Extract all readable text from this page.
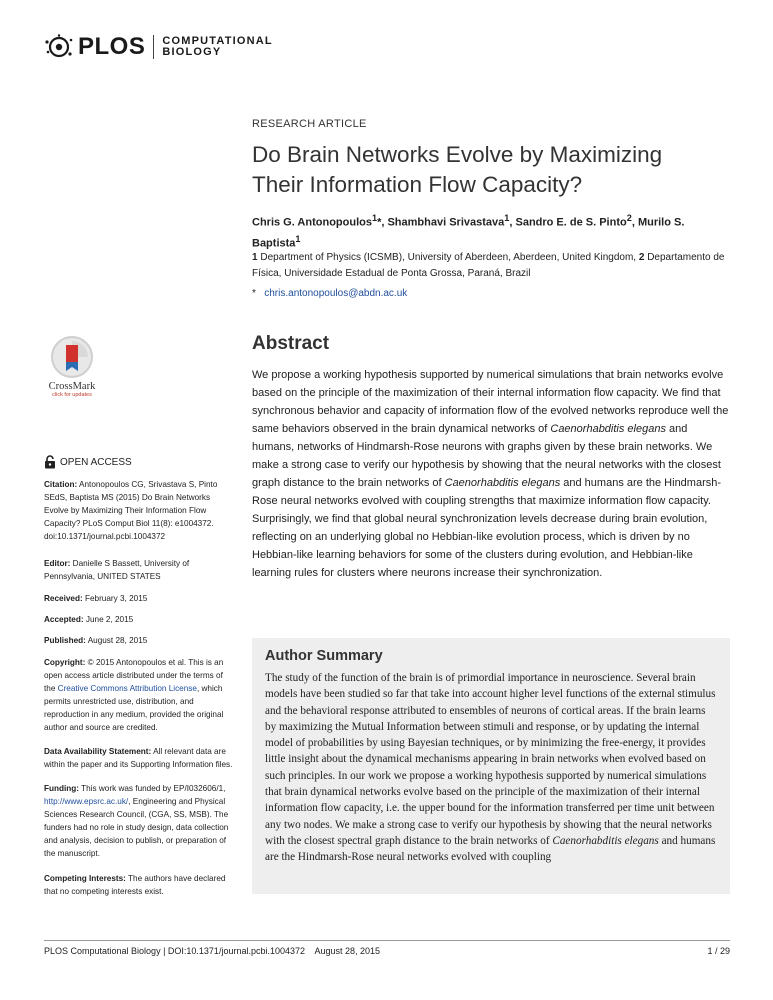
PLOS COMPUTATIONAL
BIOLOGY
RESEARCH ARTICLE
Do Brain Networks Evolve by Maximizing
Their Information Flow Capacity?
Chris G. Antonopoulos$^1$*, Shambhavi Srivastava$^1$, Sandro E. de S. Pinto$^2$, Murilo S. Baptista$^1$
1 Department of Physics (ICSMB), University of Aberdeen, Aberdeen, United Kingdom, 2 Departamento de Física, Universidade Estadual de Ponta Grossa, Paraná, Brazil
* chris.antonopoulos@abdn.ac.uk
Abstract

We propose a working hypothesis supported by numerical simulations that brain networks evolve based on the principle of the maximization of their internal information flow capacity. We find that synchronous behavior and capacity of information flow of the evolved networks reproduce well the same behaviors observed in the brain dynamical networks of Caenorhabditis elegans and humans, networks of Hindmarsh-Rose neurons with graphs given by these brain networks. We make a strong case to verify our hypothesis by showing that the neural networks with the closest graph distance to the brain networks of Caenorhabditis elegans and humans are the Hindmarsh-Rose neural networks evolved with coupling strengths that maximize information flow capacity. Surprisingly, we find that global neural synchronization levels decrease during brain evolution, reflecting on an underlying global no Hebbian-like evolution process, which is driven by no Hebbian-like learning behaviors for some of the clusters during evolution, and Hebbian-like learning rules for clusters where neurons increase their synchronization.

Author Summary

The study of the function of the brain is of primordial importance in neuroscience. Several brain models have been studied so far that take into account higher level functions of the external stimulus and the behavioral response attributed to ensembles of neurons of cortical areas. If the brain learns by maximizing the Mutual Information between stimuli and response, or by updating the internal model of probabilities by using Bayesian techniques, or by minimizing the free-energy, it provides little insight about the dynamical mechanisms appearing in brain networks when evolved based on such principles. In our work we propose a working hypothesis supported by numerical simulations that brain dynamical networks evolve based on the principle of the maximization of their internal information flow capacity, i.e. the upper bound for the information transferred per time unit between any two nodes. We make a strong case to verify our hypothesis by showing that the neural networks with the closest spectral graph distance to the brain networks of Caenorhabditis elegans and humans are the Hindmarsh-Rose neural networks evolved with coupling

CrossMark
click for updates
OPEN ACCESS
Citation: Antonopoulos CG, Srivastava S, Pinto SEdS, Baptista MS (2015) Do Brain Networks Evolve by Maximizing Their Information Flow Capacity? PLoS Comput Biol 11(8): e1004372. doi:10.1371/journal.pcbi.1004372
Editor: Danielle S Bassett, University of Pennsylvania, UNITED STATES
Received: February 3, 2015
Accepted: June 2, 2015
Published: August 28, 2015
Copyright: © 2015 Antonopoulos et al. This is an open access article distributed under the terms of the Creative Commons Attribution License, which permits unrestricted use, distribution, and reproduction in any medium, provided the original author and source are credited.
Data Availability Statement: All relevant data are within the paper and its Supporting Information files.
Funding: This work was funded by EP/I032606/1, http://www.epsrc.ac.uk/, Engineering and Physical Sciences Research Council, (CGA, SS, MSB). The funders had no role in study design, data collection and analysis, decision to publish, or preparation of the manuscript.
Competing Interests: The authors have declared that no competing interests exist.
PLOS Computational Biology | DOI:10.1371/journal.pcbi.1004372    August 28, 2015	1 / 29
